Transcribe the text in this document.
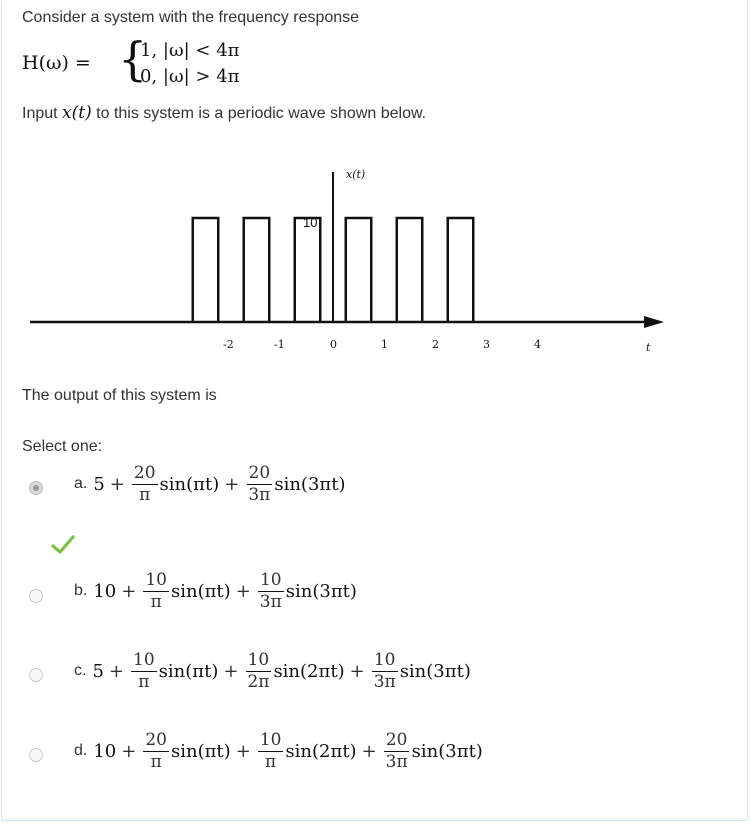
Consider a system with the frequency response
H(ω) = {
1, |ω| < 4π
0, |ω| > 4π
Input x(t) to this system is a periodic wave shown below.
x(t)
10
t
-2	-1	0	1	2	3	4
The output of this system is
Select one:
a. $5 + \frac{20}{\pi} \sin(\pi t) + \frac{20}{3\pi} \sin(3\pi t)$
b. $10 + \frac{10}{\pi} \sin(\pi t) + \frac{10}{3\pi} \sin(3\pi t)$
c. $5 + \frac{10}{\pi} \sin(\pi t) + \frac{10}{2\pi} \sin(2\pi t) + \frac{10}{3\pi} \sin(3\pi t)$
d. $10 + \frac{20}{\pi} \sin(\pi t) + \frac{10}{\pi} \sin(2\pi t) + \frac{20}{3\pi} \sin(3\pi t)$
